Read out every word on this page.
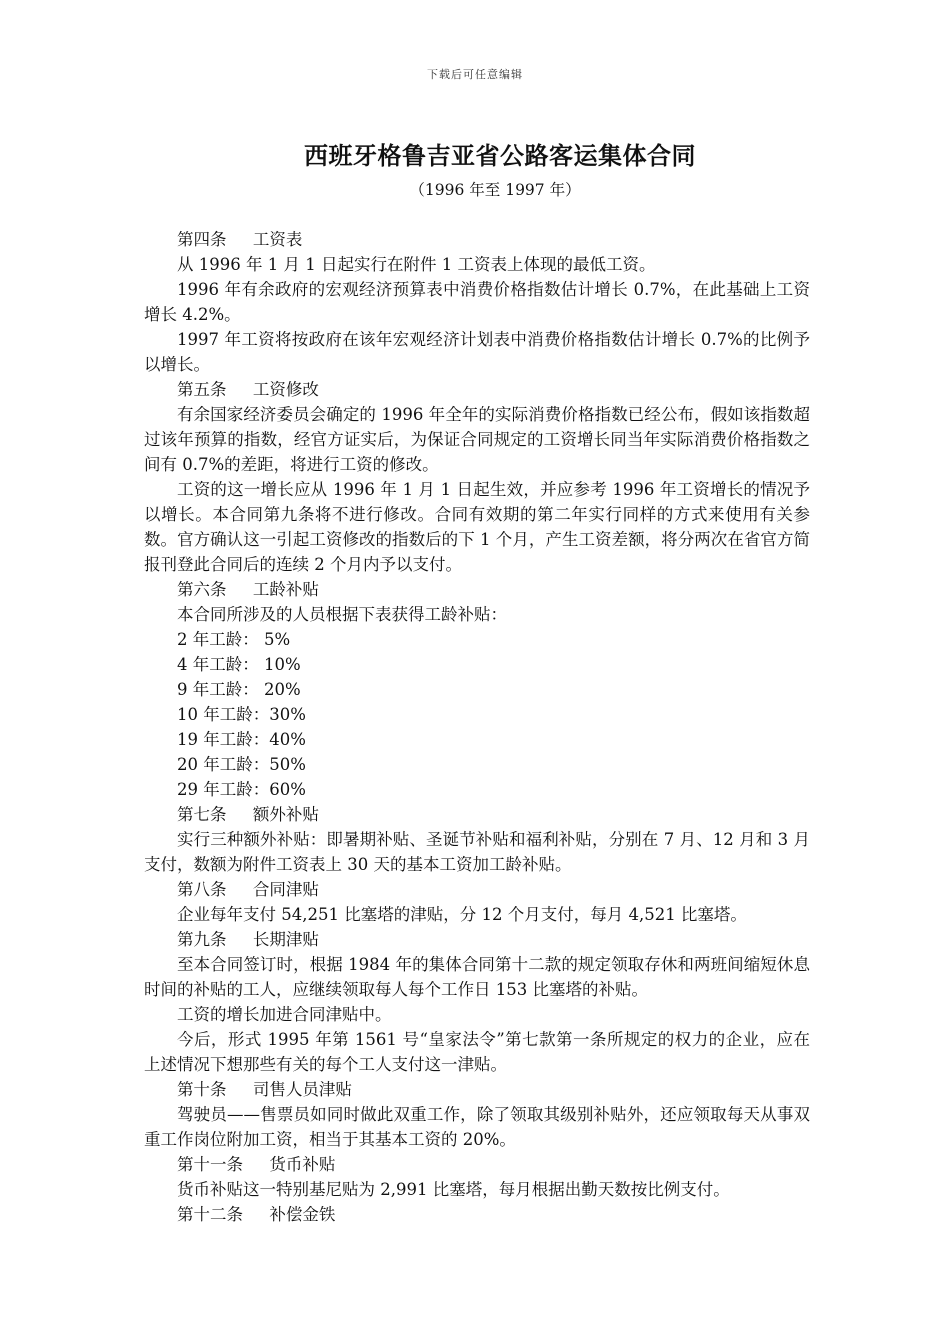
下载后可任意编辑
西班牙格鲁吉亚省公路客运集体合同
（1996 年至 1997 年）

第四条 工资表

从 1996 年 1 月 1 日起实行在附件 1 工资表上体现的最低工资。

1996 年有余政府的宏观经济预算表中消费价格指数估计增长 0.7%，在此基础上工资增长 4.2%。

1997 年工资将按政府在该年宏观经济计划表中消费价格指数估计增长 0.7%的比例予以增长。

第五条 工资修改

有余国家经济委员会确定的 1996 年全年的实际消费价格指数已经公布，假如该指数超过该年预算的指数，经官方证实后，为保证合同规定的工资增长同当年实际消费价格指数之间有 0.7%的差距，将进行工资的修改。

工资的这一增长应从 1996 年 1 月 1 日起生效，并应参考 1996 年工资增长的情况予以增长。本合同第九条将不进行修改。合同有效期的第二年实行同样的方式来使用有关参数。官方确认这一引起工资修改的指数后的下 1 个月，产生工资差额，将分两次在省官方简报刊登此合同后的连续 2 个月内予以支付。

第六条 工龄补贴

本合同所涉及的人员根据下表获得工龄补贴：

2 年工龄： 5%

4 年工龄： 10%

9 年工龄： 20%

10 年工龄：30%

19 年工龄：40%

20 年工龄：50%

29 年工龄：60%

第七条 额外补贴

实行三种额外补贴：即暑期补贴、圣诞节补贴和福利补贴，分别在 7 月、12 月和 3 月支付，数额为附件工资表上 30 天的基本工资加工龄补贴。

第八条 合同津贴

企业每年支付 54,251 比塞塔的津贴，分 12 个月支付，每月 4,521 比塞塔。

第九条 长期津贴

至本合同签订时，根据 1984 年的集体合同第十二款的规定领取存休和两班间缩短休息时间的补贴的工人，应继续领取每人每个工作日 153 比塞塔的补贴。

工资的增长加进合同津贴中。

今后，形式 1995 年第 1561 号“皇家法令”第七款第一条所规定的权力的企业，应在上述情况下想那些有关的每个工人支付这一津贴。

第十条 司售人员津贴

驾驶员——售票员如同时做此双重工作，除了领取其级别补贴外，还应领取每天从事双重工作岗位附加工资，相当于其基本工资的 20%。

第十一条 货币补贴

货币补贴这一特别基尼贴为 2,991 比塞塔，每月根据出勤天数按比例支付。

第十二条 补偿金铁
